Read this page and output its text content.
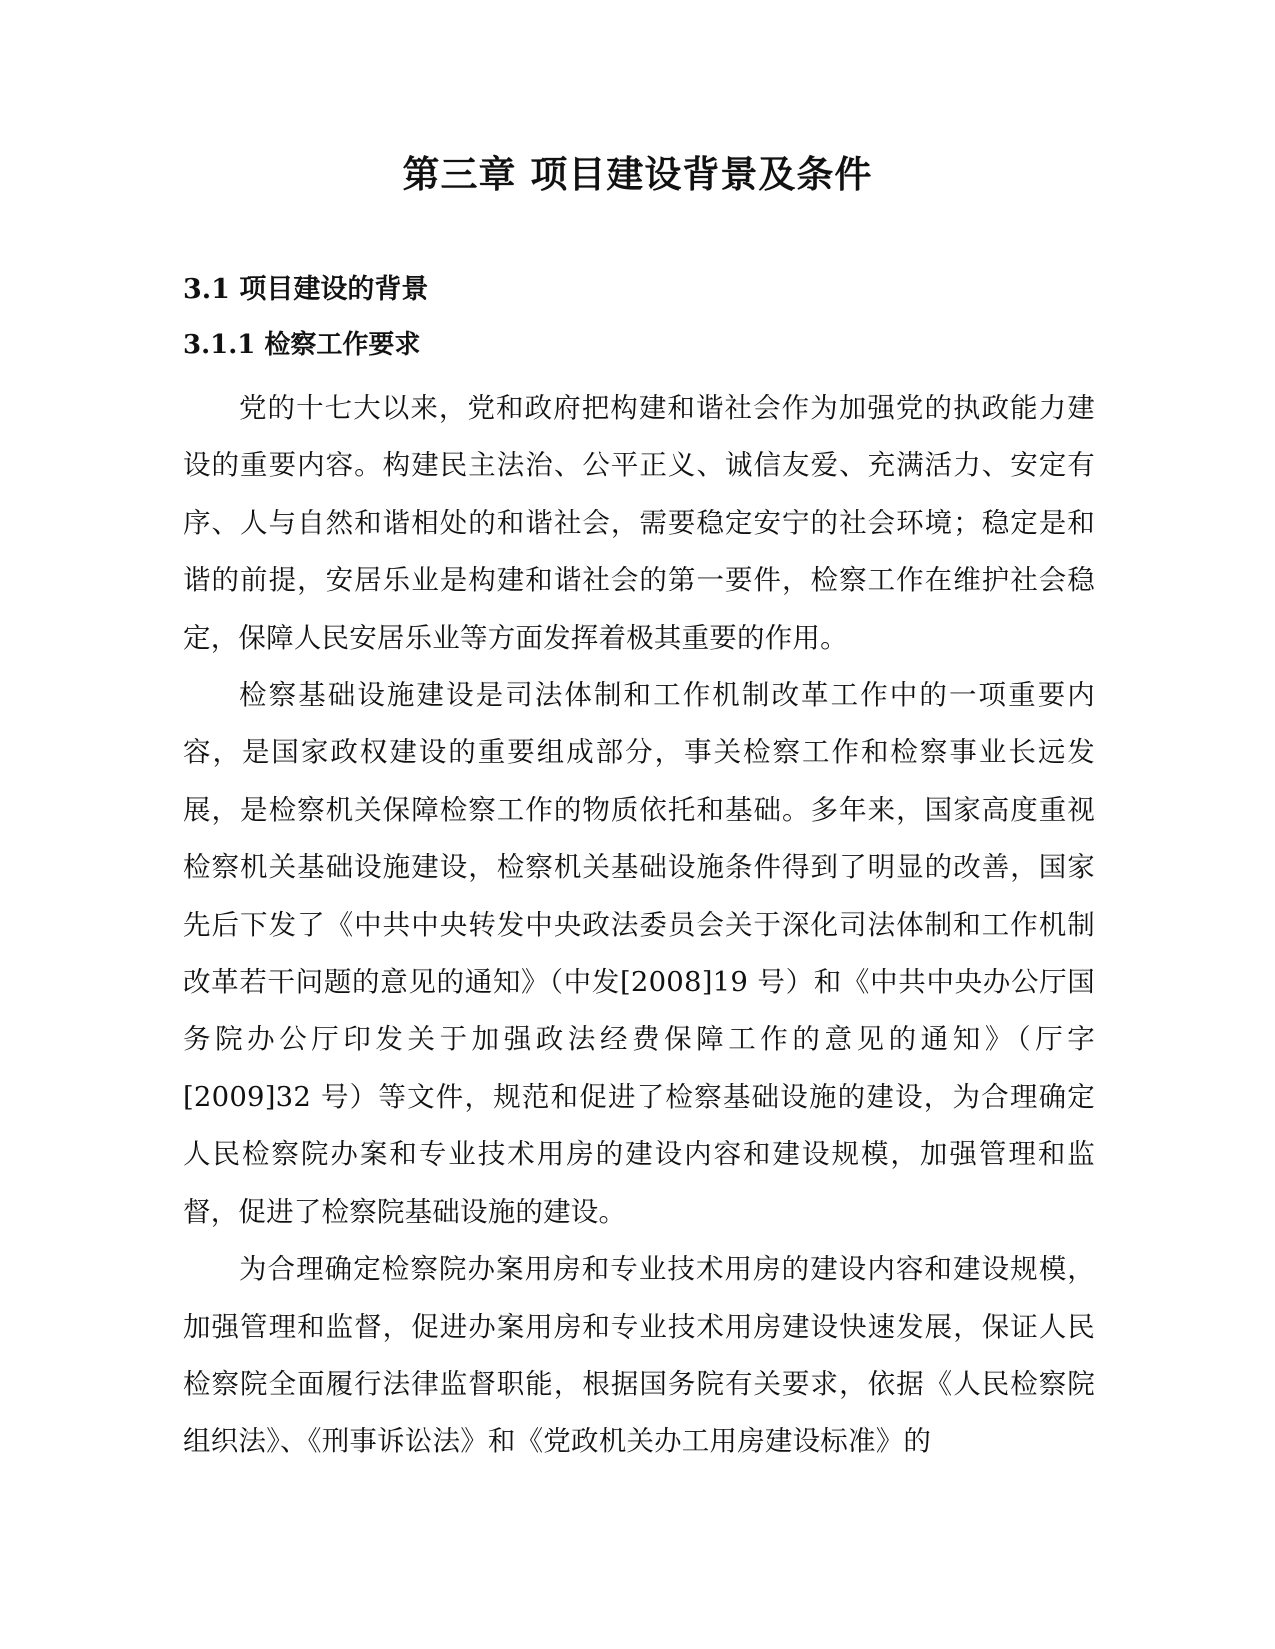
第三章 项目建设背景及条件
3.1 项目建设的背景
3.1.1 检察工作要求

党的十七大以来，党和政府把构建和谐社会作为加强党的执政能力建设的重要内容。构建民主法治、公平正义、诚信友爱、充满活力、安定有序、人与自然和谐相处的和谐社会，需要稳定安宁的社会环境；稳定是和谐的前提，安居乐业是构建和谐社会的第一要件，检察工作在维护社会稳定，保障人民安居乐业等方面发挥着极其重要的作用。

检察基础设施建设是司法体制和工作机制改革工作中的一项重要内容，是国家政权建设的重要组成部分，事关检察工作和检察事业长远发展，是检察机关保障检察工作的物质依托和基础。多年来，国家高度重视检察机关基础设施建设，检察机关基础设施条件得到了明显的改善，国家先后下发了《中共中央转发中央政法委员会关于深化司法体制和工作机制改革若干问题的意见的通知》（中发[2008]19 号）和《中共中央办公厅国务院办公厅印发关于加强政法经费保障工作的意见的通知》（厅字[2009]32 号）等文件，规范和促进了检察基础设施的建设，为合理确定人民检察院办案和专业技术用房的建设内容和建设规模，加强管理和监督，促进了检察院基础设施的建设。

为合理确定检察院办案用房和专业技术用房的建设内容和建设规模，加强管理和监督，促进办案用房和专业技术用房建设快速发展，保证人民检察院全面履行法律监督职能，根据国务院有关要求，依据《人民检察院组织法》、《刑事诉讼法》和《党政机关办工用房建设标准》的
